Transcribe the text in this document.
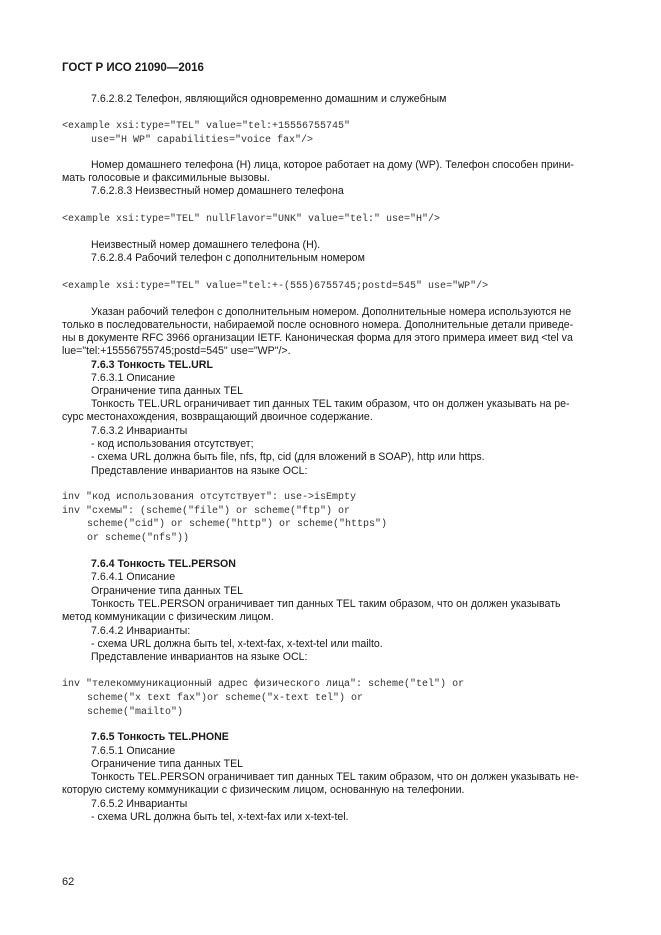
ГОСТ Р ИСО 21090—2016
7.6.2.8.2 Телефон, являющийся одновременно домашним и служебным
<example xsi:type="TEL" value="tel:+15556755745"
use="H WP" capabilities="voice fax"/>
Номер домашнего телефона (H) лица, которое работает на дому (WP). Телефон способен прини-
мать голосовые и факсимильные вызовы.
7.6.2.8.3 Неизвестный номер домашнего телефона
<example xsi:type="TEL" nullFlavor="UNK" value="tel:" use="H"/>
Неизвестный номер домашнего телефона (H).
7.6.2.8.4 Рабочий телефон с дополнительным номером
<example xsi:type="TEL" value="tel:+-(555)6755745;postd=545" use="WP"/>
Указан рабочий телефон с дополнительным номером. Дополнительные номера используются не
только в последовательности, набираемой после основного номера. Дополнительные детали приведе-
ны в документе RFC 3966 организации IETF. Каноническая форма для этого примера имеет вид <tel va
lue="tel:+15556755745;postd=545" use="WP"/>.
7.6.3 Тонкость TEL.URL
7.6.3.1 Описание
Ограничение типа данных TEL
Тонкость TEL.URL ограничивает тип данных TEL таким образом, что он должен указывать на ре-
сурс местонахождения, возвращающий двоичное содержание.
7.6.3.2 Инварианты
- код использования отсутствует;
- схема URL должна быть file, nfs, ftp, cid (для вложений в SOAP), http или https.
Представление инвариантов на языке OCL:
inv "код использования отсутствует": use->isEmpty
inv "схемы": (scheme("file") or scheme("ftp") or
scheme("cid") or scheme("http") or scheme("https")
or scheme("nfs"))
7.6.4 Тонкость TEL.PERSON
7.6.4.1 Описание
Ограничение типа данных TEL
Тонкость TEL.PERSON ограничивает тип данных TEL таким образом, что он должен указывать
метод коммуникации с физическим лицом.
7.6.4.2 Инварианты:
- схема URL должна быть tel, x-text-fax, x-text-tel или mailto.
Представление инвариантов на языке OCL:
inv "телекоммуникационный адрес физического лица": scheme("tel") or
scheme("x text fax")or scheme("x-text tel") or
scheme("mailto")
7.6.5 Тонкость TEL.PHONE
7.6.5.1 Описание
Ограничение типа данных TEL
Тонкость TEL.PERSON ограничивает тип данных TEL таким образом, что он должен указывать не-
которую систему коммуникации с физическим лицом, основанную на телефонии.
7.6.5.2 Инварианты
- схема URL должна быть tel, x-text-fax или x-text-tel.
62
